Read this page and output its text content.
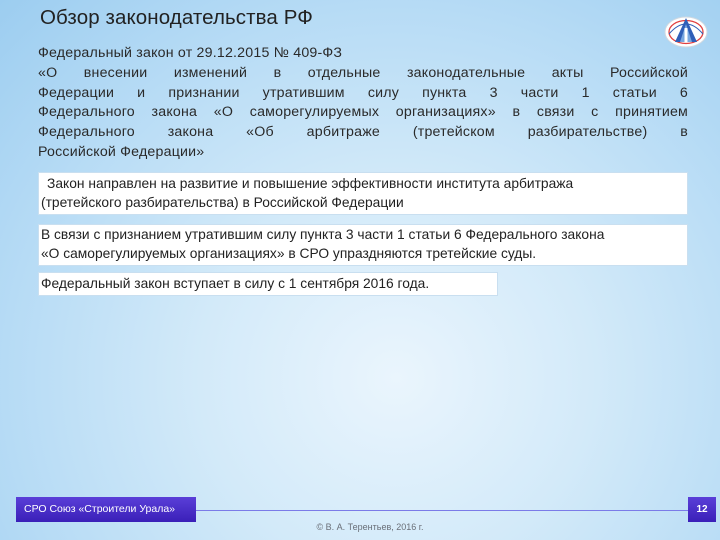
Обзор законодательства РФ
Федеральный закон от 29.12.2015 № 409-ФЗ
«О внесении изменений в отдельные законодательные акты Российской
Федерации и признании утратившим силу пункта 3 части 1 статьи 6
Федерального закона «О саморегулируемых организациях» в связи с принятием
Федерального закона «Об арбитраже (третейском разбирательстве) в
Российской Федерации»
Закон направлен на развитие и повышение эффективности института арбитража
(третейского разбирательства) в Российской Федерации
В связи с признанием утратившим силу пункта 3 части 1 статьи 6 Федерального закона
«О саморегулируемых организациях» в СРО упраздняются третейские суды.
Федеральный закон вступает в силу с 1 сентября 2016 года.
СРО Союз «Строители Урала»	12
© В. А. Терентьев, 2016 г.
